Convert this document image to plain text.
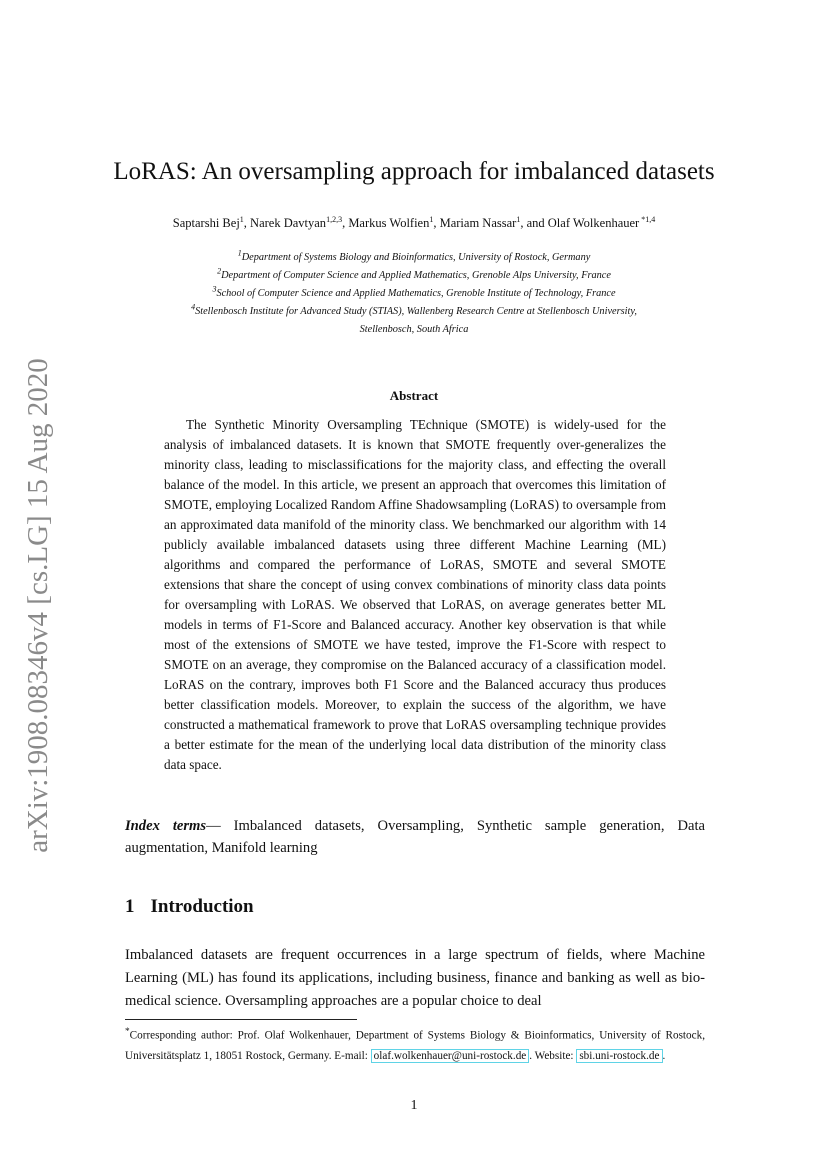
arXiv:1908.08346v4 [cs.LG] 15 Aug 2020
LoRAS: An oversampling approach for imbalanced datasets
Saptarshi Bej$^1$, Narek Davtyan$^{1,2,3}$, Markus Wolfien$^1$, Mariam Nassar$^1$, and Olaf Wolkenhauer $^{*1,4}$
$^1$Department of Systems Biology and Bioinformatics, University of Rostock, Germany
$^2$Department of Computer Science and Applied Mathematics, Grenoble Alps University, France
$^3$School of Computer Science and Applied Mathematics, Grenoble Institute of Technology, France
$^4$Stellenbosch Institute for Advanced Study (STIAS), Wallenberg Research Centre at Stellenbosch University,
Stellenbosch, South Africa
Abstract
The Synthetic Minority Oversampling TEchnique (SMOTE) is widely-used for the analysis of imbalanced datasets. It is known that SMOTE frequently over-generalizes the minority class, leading to misclassifications for the majority class, and effecting the overall balance of the model. In this article, we present an approach that overcomes this limitation of SMOTE, employing Localized Random Affine Shadowsampling (LoRAS) to oversample from an approximated data manifold of the minority class. We benchmarked our algorithm with 14 publicly available imbalanced datasets using three different Machine Learning (ML) algorithms and compared the performance of LoRAS, SMOTE and several SMOTE extensions that share the concept of using convex combinations of minority class data points for oversampling with LoRAS. We observed that LoRAS, on average generates better ML models in terms of F1-Score and Balanced accuracy. Another key observation is that while most of the extensions of SMOTE we have tested, improve the F1-Score with respect to SMOTE on an average, they compromise on the Balanced accuracy of a classification model. LoRAS on the contrary, improves both F1 Score and the Balanced accuracy thus produces better classification models. Moreover, to explain the success of the algorithm, we have constructed a mathematical framework to prove that LoRAS oversampling technique provides a better estimate for the mean of the underlying local data distribution of the minority class data space.
Index terms— Imbalanced datasets, Oversampling, Synthetic sample generation, Data augmentation, Manifold learning
1 Introduction
Imbalanced datasets are frequent occurrences in a large spectrum of fields, where Machine Learning (ML) has found its applications, including business, finance and banking as well as bio-medical science. Oversampling approaches are a popular choice to deal
*Corresponding author: Prof. Olaf Wolkenhauer, Department of Systems Biology & Bioinformatics, University of Rostock, Universitätsplatz 1, 18051 Rostock, Germany. E-mail: olaf.wolkenhauer@uni-rostock.de . Website: sbi.uni-rostock.de .
1
